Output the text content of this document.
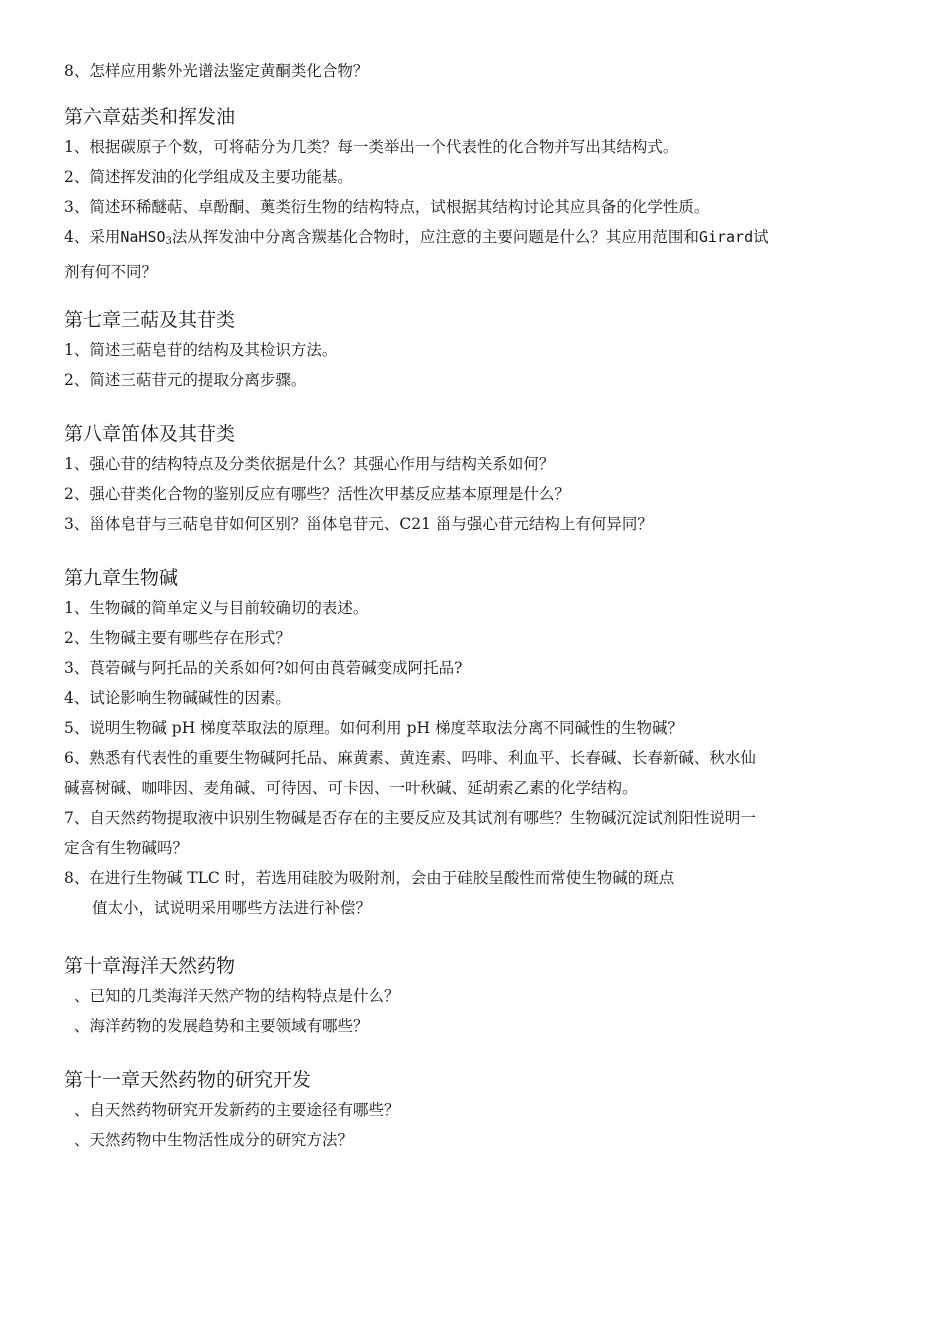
8、怎样应用紫外光谱法鉴定黄酮类化合物？

第六章菇类和挥发油

1、根据碳原子个数，可将萜分为几类？每一类举出一个代表性的化合物并写出其结构式。

2、简述挥发油的化学组成及主要功能基。

3、简述环稀醚萜、卓酚酮、薁类衍生物的结构特点，试根据其结构讨论其应具备的化学性质。

4、采用NaHSO$_3$法从挥发油中分离含羰基化合物时，应注意的主要问题是什么？其应用范围和Girard试

剂有何不同？

第七章三萜及其苷类

1、简述三萜皂苷的结构及其检识方法。

2、简述三萜苷元的提取分离步骤。

第八章笛体及其苷类

1、强心苷的结构特点及分类依据是什么？其强心作用与结构关系如何？

2、强心苷类化合物的鉴别反应有哪些？活性次甲基反应基本原理是什么？

3、甾体皂苷与三萜皂苷如何区别？甾体皂苷元、C21 甾与强心苷元结构上有何异同？

第九章生物碱

1、生物碱的简单定义与目前较确切的表述。

2、生物碱主要有哪些存在形式？

3、莨菪碱与阿托品的关系如何?如何由莨菪碱变成阿托品?

4、试论影响生物碱碱性的因素。

5、说明生物碱 pH 梯度萃取法的原理。如何利用 pH 梯度萃取法分离不同碱性的生物碱？

6、熟悉有代表性的重要生物碱阿托品、麻黄素、黄连素、吗啡、利血平、长春碱、长春新碱、秋水仙

碱喜树碱、咖啡因、麦角碱、可待因、可卡因、一叶秋碱、延胡索乙素的化学结构。

7、自天然药物提取液中识别生物碱是否存在的主要反应及其试剂有哪些？生物碱沉淀试剂阳性说明一

定含有生物碱吗？

8、在进行生物碱 TLC 时，若选用硅胶为吸附剂，会由于硅胶呈酸性而常使生物碱的斑点

值太小，试说明采用哪些方法进行补偿？

第十章海洋天然药物

、已知的几类海洋天然产物的结构特点是什么？

、海洋药物的发展趋势和主要领域有哪些？

第十一章天然药物的研究开发

、自天然药物研究开发新药的主要途径有哪些？

、天然药物中生物活性成分的研究方法？
